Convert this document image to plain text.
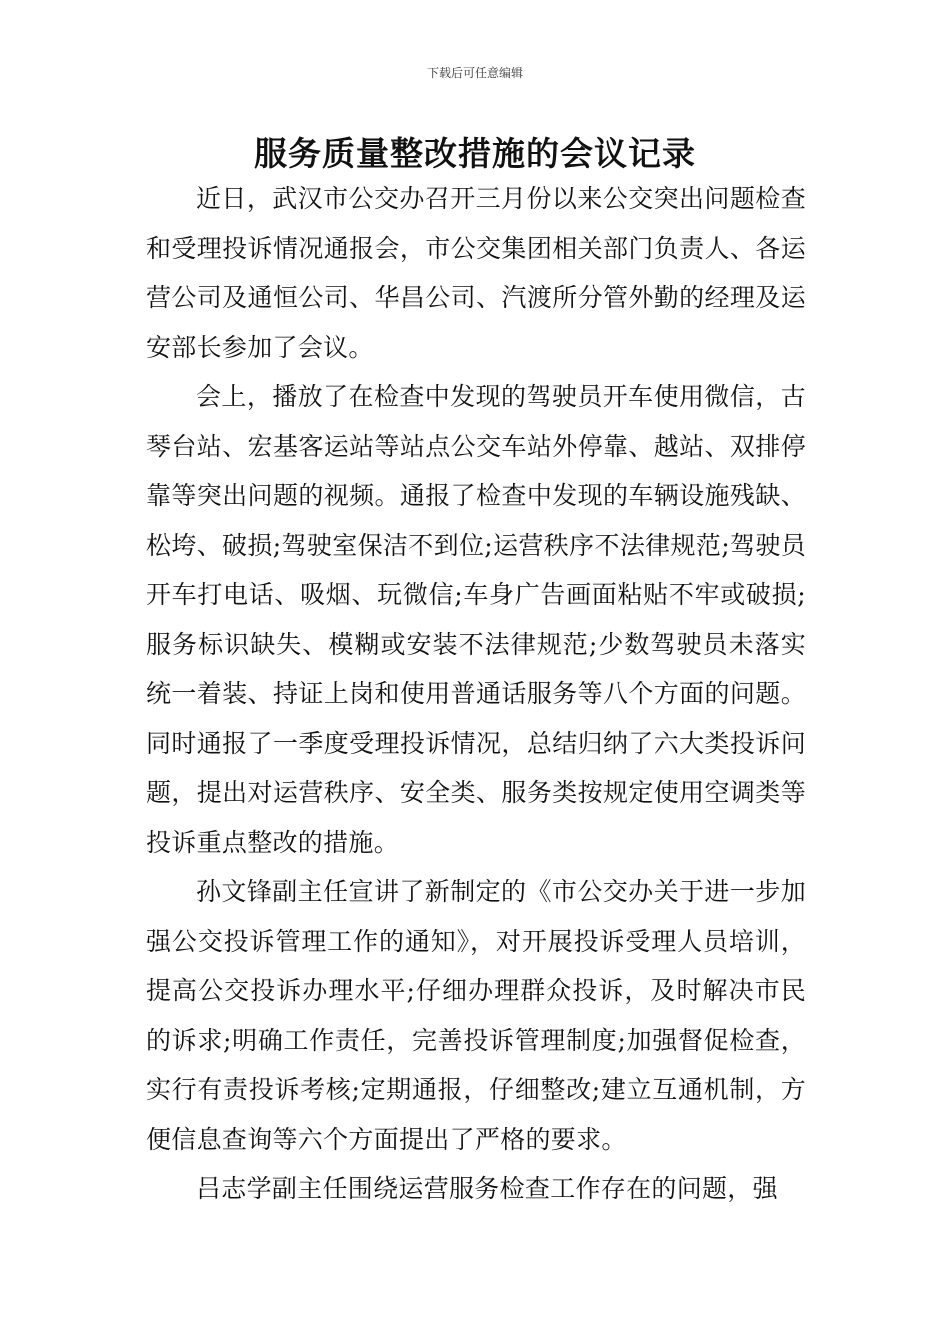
下载后可任意编辑
服务质量整改措施的会议记录

近日，武汉市公交办召开三月份以来公交突出问题检查和受理投诉情况通报会，市公交集团相关部门负责人、各运营公司及通恒公司、华昌公司、汽渡所分管外勤的经理及运安部长参加了会议。

会上，播放了在检查中发现的驾驶员开车使用微信，古琴台站、宏基客运站等站点公交车站外停靠、越站、双排停靠等突出问题的视频。通报了检查中发现的车辆设施残缺、松垮、破损;驾驶室保洁不到位;运营秩序不法律规范;驾驶员开车打电话、吸烟、玩微信;车身广告画面粘贴不牢或破损;服务标识缺失、模糊或安装不法律规范;少数驾驶员未落实统一着装、持证上岗和使用普通话服务等八个方面的问题。同时通报了一季度受理投诉情况，总结归纳了六大类投诉问题，提出对运营秩序、安全类、服务类按规定使用空调类等投诉重点整改的措施。

孙文锋副主任宣讲了新制定的《市公交办关于进一步加强公交投诉管理工作的通知》，对开展投诉受理人员培训，提高公交投诉办理水平;仔细办理群众投诉，及时解决市民的诉求;明确工作责任，完善投诉管理制度;加强督促检查，实行有责投诉考核;定期通报，仔细整改;建立互通机制，方便信息查询等六个方面提出了严格的要求。

吕志学副主任围绕运营服务检查工作存在的问题，强
